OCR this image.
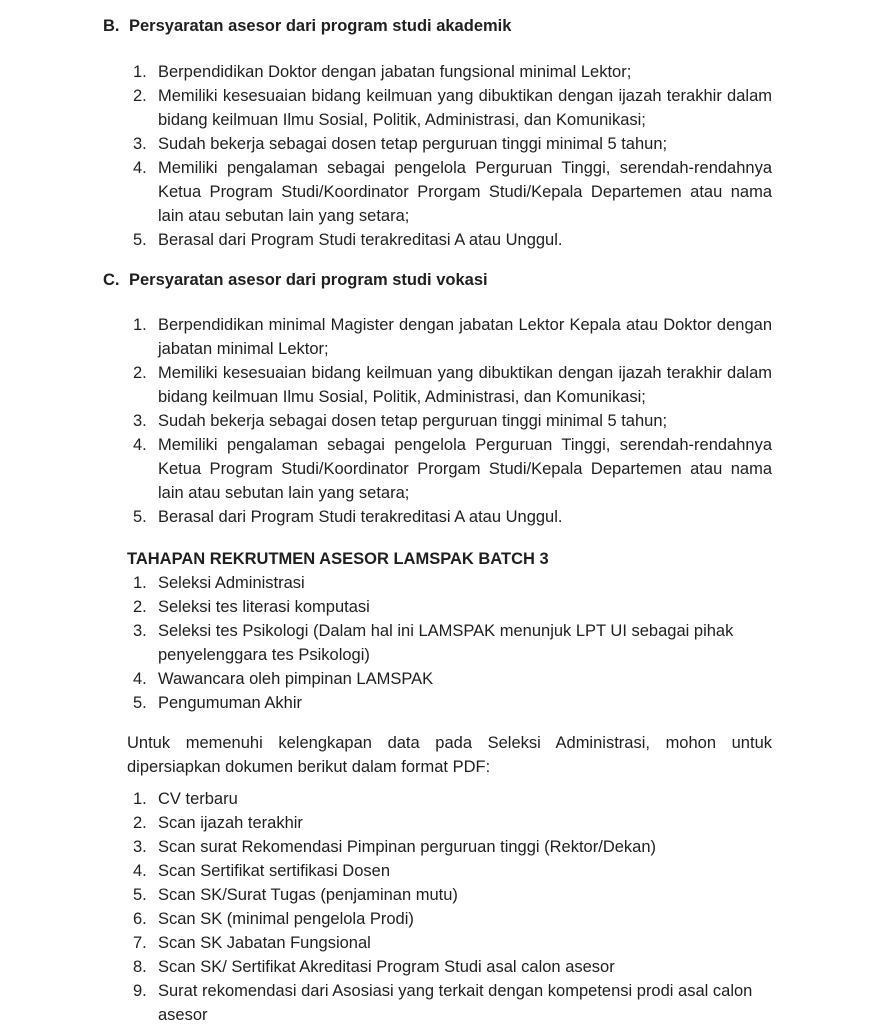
B. Persyaratan asesor dari program studi akademik
1. Berpendidikan Doktor dengan jabatan fungsional minimal Lektor;
2. Memiliki kesesuaian bidang keilmuan yang dibuktikan dengan ijazah terakhir dalam bidang keilmuan Ilmu Sosial, Politik, Administrasi, dan Komunikasi;
3. Sudah bekerja sebagai dosen tetap perguruan tinggi minimal 5 tahun;
4. Memiliki pengalaman sebagai pengelola Perguruan Tinggi, serendah-rendahnya Ketua Program Studi/Koordinator Prorgam Studi/Kepala Departemen atau nama lain atau sebutan lain yang setara;
5. Berasal dari Program Studi terakreditasi A atau Unggul.
C. Persyaratan asesor dari program studi vokasi
1. Berpendidikan minimal Magister dengan jabatan Lektor Kepala atau Doktor dengan jabatan minimal Lektor;
2. Memiliki kesesuaian bidang keilmuan yang dibuktikan dengan ijazah terakhir dalam bidang keilmuan Ilmu Sosial, Politik, Administrasi, dan Komunikasi;
3. Sudah bekerja sebagai dosen tetap perguruan tinggi minimal 5 tahun;
4. Memiliki pengalaman sebagai pengelola Perguruan Tinggi, serendah-rendahnya Ketua Program Studi/Koordinator Prorgam Studi/Kepala Departemen atau nama lain atau sebutan lain yang setara;
5. Berasal dari Program Studi terakreditasi A atau Unggul.
TAHAPAN REKRUTMEN ASESOR LAMSPAK BATCH 3
1. Seleksi Administrasi
2. Seleksi tes literasi komputasi
3. Seleksi tes Psikologi (Dalam hal ini LAMSPAK menunjuk LPT UI sebagai pihak penyelenggara tes Psikologi)
4. Wawancara oleh pimpinan LAMSPAK
5. Pengumuman Akhir

Untuk memenuhi kelengkapan data pada Seleksi Administrasi, mohon untuk dipersiapkan dokumen berikut dalam format PDF:

1. CV terbaru
2. Scan ijazah terakhir
3. Scan surat Rekomendasi Pimpinan perguruan tinggi (Rektor/Dekan)
4. Scan Sertifikat sertifikasi Dosen
5. Scan SK/Surat Tugas (penjaminan mutu)
6. Scan SK (minimal pengelola Prodi)
7. Scan SK Jabatan Fungsional
8. Scan SK/ Sertifikat Akreditasi Program Studi asal calon asesor
9. Surat rekomendasi dari Asosiasi yang terkait dengan kompetensi prodi asal calon asesor
